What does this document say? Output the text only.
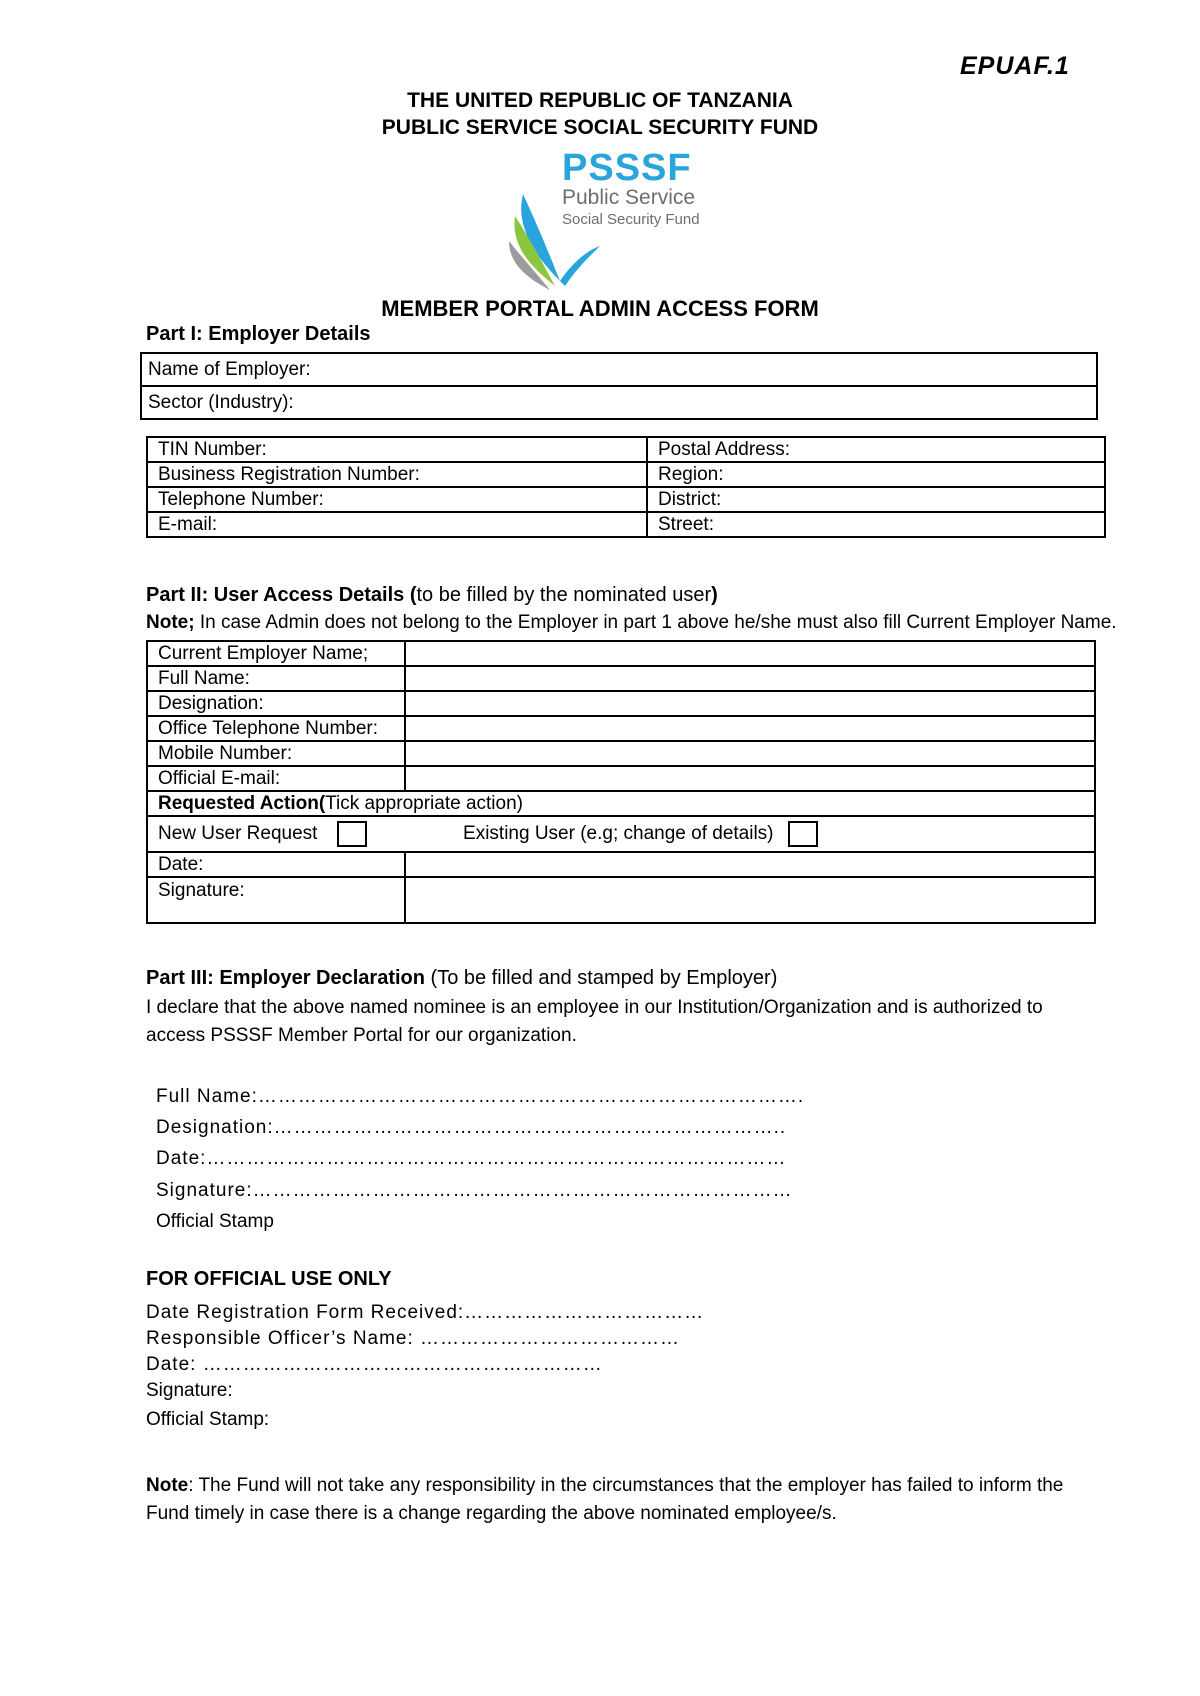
EPUAF.1
THE UNITED REPUBLIC OF TANZANIA
PUBLIC SERVICE SOCIAL SECURITY FUND
PSSSF
Public Service
Social Security Fund
MEMBER PORTAL ADMIN ACCESS FORM
Part I: Employer Details
Name of Employer:
Sector (Industry):
TIN Number:	Postal Address:
Business Registration Number:	Region:
Telephone Number:	District:
E-mail:	Street:
Part II: User Access Details (to be filled by the nominated user)
Note; In case Admin does not belong to the Employer in part 1 above he/she must also fill Current Employer Name.
Current Employer Name;	
Full Name:	
Designation:	
Office Telephone Number:	
Mobile Number:	
Official E-mail:	
Requested Action(Tick appropriate action)	
New User Request Existing User (e.g; change of details)	
Date:	
Signature:	
Part III: Employer Declaration (To be filled and stamped by Employer)
I declare that the above named nominee is an employee in our Institution/Organization and is authorized to access PSSSF Member Portal for our organization.
Full Name:……………………………………………………………………….
Designation:…………………………………………………………………..
Date:……………………………………………………………………………
Signature:………………………………………………………………………
Official Stamp
FOR OFFICIAL USE ONLY
Date Registration Form Received:………………………………
Responsible Officer’s Name: …………………………………
Date: ……………………………………………………
Signature:
Official Stamp:
Note: The Fund will not take any responsibility in the circumstances that the employer has failed to inform the Fund timely in case there is a change regarding the above nominated employee/s.
